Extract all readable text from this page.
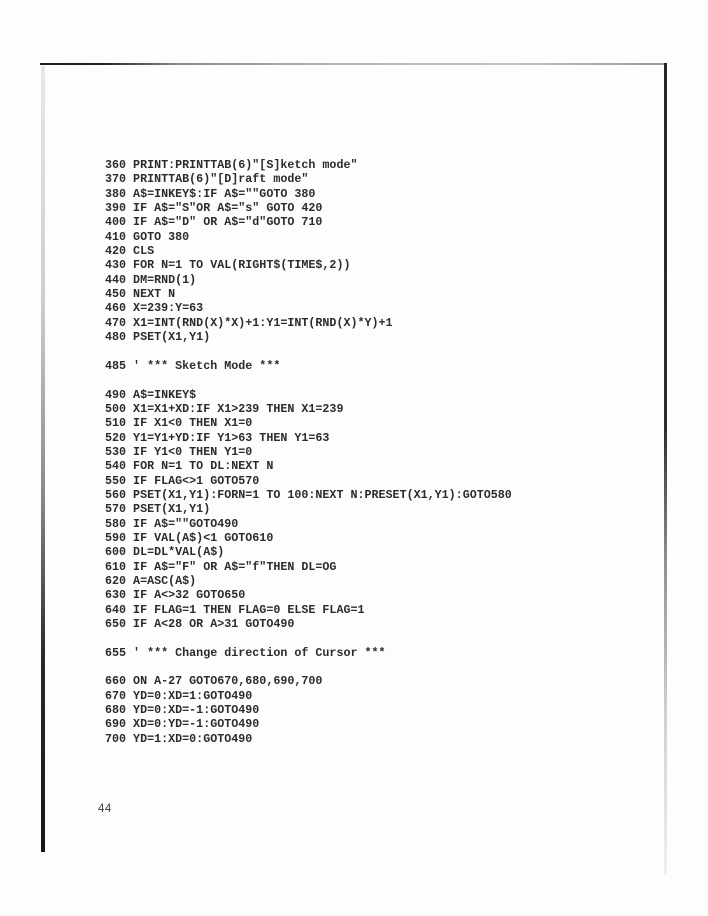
360 PRINT:PRINTTAB(6)"[S]ketch mode"
370 PRINTTAB(6)"[D]raft mode"
380 A$=INKEY$:IF A$=""GOTO 380
390 IF A$="S"OR A$="s" GOTO 420
400 IF A$="D" OR A$="d"GOTO 710
410 GOTO 380
420 CLS
430 FOR N=1 TO VAL(RIGHT$(TIME$,2))
440 DM=RND(1)
450 NEXT N
460 X=239:Y=63
470 X1=INT(RND(X)*X)+1:Y1=INT(RND(X)*Y)+1
480 PSET(X1,Y1)

485 ' *** Sketch Mode ***

490 A$=INKEY$
500 X1=X1+XD:IF X1>239 THEN X1=239
510 IF X1<0 THEN X1=0
520 Y1=Y1+YD:IF Y1>63 THEN Y1=63
530 IF Y1<0 THEN Y1=0
540 FOR N=1 TO DL:NEXT N
550 IF FLAG<>1 GOTO570
560 PSET(X1,Y1):FORN=1 TO 100:NEXT N:PRESET(X1,Y1):GOTO580
570 PSET(X1,Y1)
580 IF A$=""GOTO490
590 IF VAL(A$)<1 GOTO610
600 DL=DL*VAL(A$)
610 IF A$="F" OR A$="f"THEN DL=OG
620 A=ASC(A$)
630 IF A<>32 GOTO650
640 IF FLAG=1 THEN FLAG=0 ELSE FLAG=1
650 IF A<28 OR A>31 GOTO490

655 ' *** Change direction of Cursor ***

660 ON A-27 GOTO670,680,690,700
670 YD=0:XD=1:GOTO490
680 YD=0:XD=-1:GOTO490
690 XD=0:YD=-1:GOTO490
700 YD=1:XD=0:GOTO490
44
